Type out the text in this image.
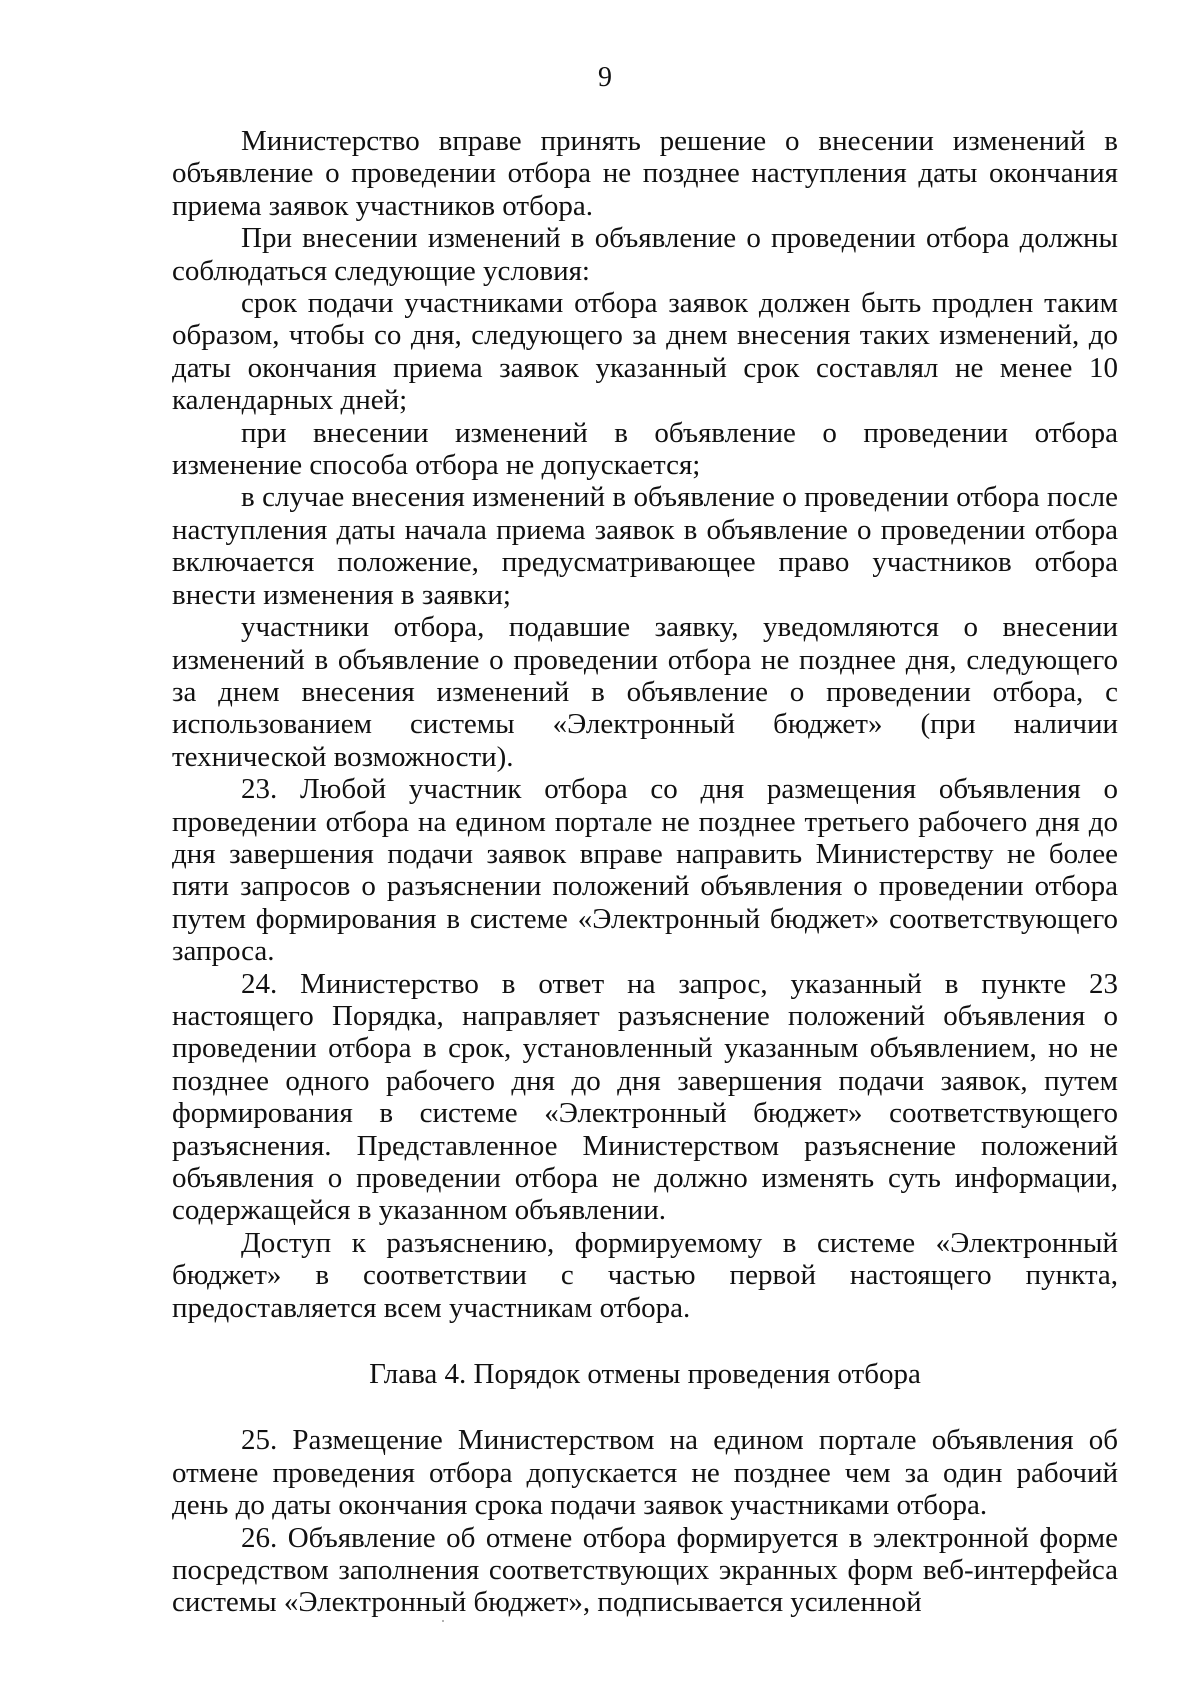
9

Министерство вправе принять решение о внесении изменений в объявление о проведении отбора не позднее наступления даты окончания приема заявок участников отбора.

При внесении изменений в объявление о проведении отбора должны соблюдаться следующие условия:

срок подачи участниками отбора заявок должен быть продлен таким образом, чтобы со дня, следующего за днем внесения таких изменений, до даты окончания приема заявок указанный срок составлял не менее 10 календарных дней;

при внесении изменений в объявление о проведении отбора изменение способа отбора не допускается;

в случае внесения изменений в объявление о проведении отбора после наступления даты начала приема заявок в объявление о проведении отбора включается положение, предусматривающее право участников отбора внести изменения в заявки;

участники отбора, подавшие заявку, уведомляются о внесении изменений в объявление о проведении отбора не позднее дня, следующего за днем внесения изменений в объявление о проведении отбора, с использованием системы «Электронный бюджет» (при наличии технической возможности).

23. Любой участник отбора со дня размещения объявления о проведении отбора на едином портале не позднее третьего рабочего дня до дня завершения подачи заявок вправе направить Министерству не более пяти запросов о разъяснении положений объявления о проведении отбора путем формирования в системе «Электронный бюджет» соответствующего запроса.

24. Министерство в ответ на запрос, указанный в пункте 23 настоящего Порядка, направляет разъяснение положений объявления о проведении отбора в срок, установленный указанным объявлением, но не позднее одного рабочего дня до дня завершения подачи заявок, путем формирования в системе «Электронный бюджет» соответствующего разъяснения. Представленное Министерством разъяснение положений объявления о проведении отбора не должно изменять суть информации, содержащейся в указанном объявлении.

Доступ к разъяснению, формируемому в системе «Электронный бюджет» в соответствии с частью первой настоящего пункта, предоставляется всем участникам отбора.

Глава 4. Порядок отмены проведения отбора

25. Размещение Министерством на едином портале объявления об отмене проведения отбора допускается не позднее чем за один рабочий день до даты окончания срока подачи заявок участниками отбора.

26. Объявление об отмене отбора формируется в электронной форме посредством заполнения соответствующих экранных форм веб-интерфейса системы «Электронный бюджет», подписывается усиленной
